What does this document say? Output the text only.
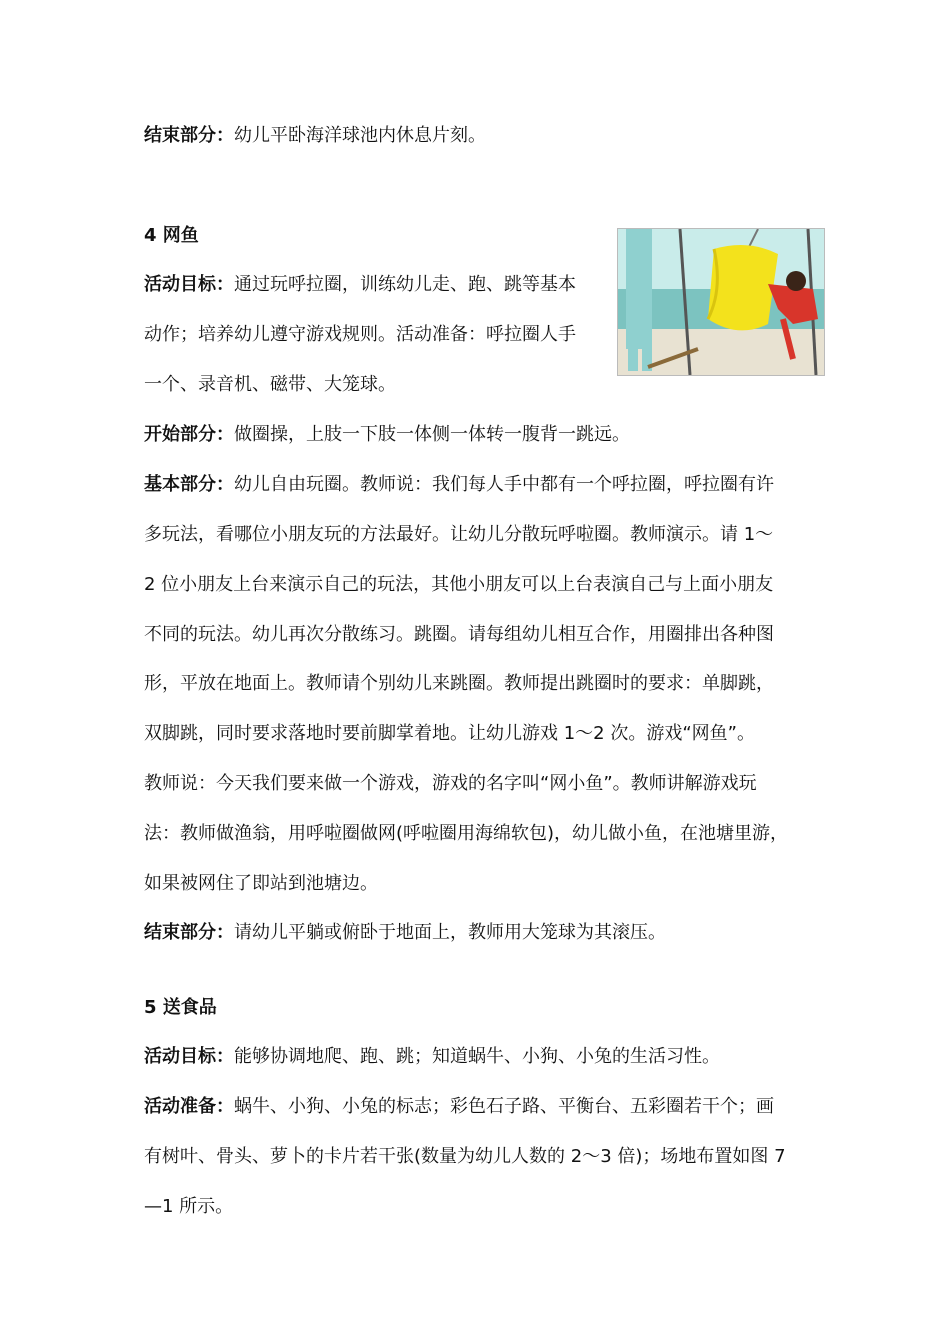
结束部分：幼儿平卧海洋球池内休息片刻。
4 网鱼
活动目标：通过玩呼拉圈，训练幼儿走、跑、跳等基本
动作；培养幼儿遵守游戏规则。活动准备：呼拉圈人手
一个、录音机、磁带、大笼球。
开始部分：做圈操，上肢一下肢一体侧一体转一腹背一跳远。
基本部分：幼儿自由玩圈。教师说：我们每人手中都有一个呼拉圈，呼拉圈有许
多玩法，看哪位小朋友玩的方法最好。让幼儿分散玩呼啦圈。教师演示。请 1～
2 位小朋友上台来演示自己的玩法，其他小朋友可以上台表演自己与上面小朋友
不同的玩法。幼儿再次分散练习。跳圈。请每组幼儿相互合作，用圈排出各种图
形，平放在地面上。教师请个别幼儿来跳圈。教师提出跳圈时的要求：单脚跳，
双脚跳，同时要求落地时要前脚掌着地。让幼儿游戏 1～2 次。游戏“网鱼”。
教师说：今天我们要来做一个游戏，游戏的名字叫“网小鱼”。教师讲解游戏玩
法：教师做渔翁，用呼啦圈做网(呼啦圈用海绵软包)，幼儿做小鱼，在池塘里游，
如果被网住了即站到池塘边。
结束部分：请幼儿平躺或俯卧于地面上，教师用大笼球为其滚压。
5 送食品
活动目标：能够协调地爬、跑、跳；知道蜗牛、小狗、小兔的生活习性。
活动准备：蜗牛、小狗、小兔的标志；彩色石子路、平衡台、五彩圈若干个；画
有树叶、骨头、萝卜的卡片若干张(数量为幼儿人数的 2～3 倍)；场地布置如图 7
—1 所示。
